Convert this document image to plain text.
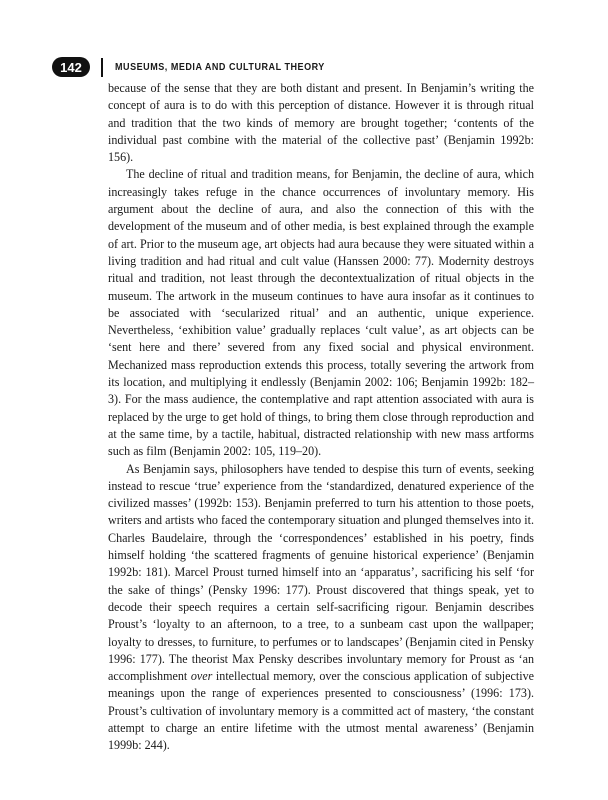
142	MUSEUMS, MEDIA AND CULTURAL THEORY

because of the sense that they are both distant and present. In Benjamin’s writing the concept of aura is to do with this perception of distance. However it is through ritual and tradition that the two kinds of memory are brought together; ‘contents of the individual past combine with the material of the collective past’ (Benjamin 1992b: 156).

The decline of ritual and tradition means, for Benjamin, the decline of aura, which increasingly takes refuge in the chance occurrences of involuntary memory. His argument about the decline of aura, and also the connection of this with the development of the museum and of other media, is best explained through the example of art. Prior to the museum age, art objects had aura because they were situated within a living tradition and had ritual and cult value (Hanssen 2000: 77). Modernity destroys ritual and tradition, not least through the decontextualization of ritual objects in the museum. The artwork in the museum continues to have aura insofar as it continues to be associated with ‘secularized ritual’ and an authentic, unique experience. Nevertheless, ‘exhibition value’ gradually replaces ‘cult value’, as art objects can be ‘sent here and there’ severed from any fixed social and physical environment. Mechanized mass reproduction extends this process, totally severing the artwork from its location, and multiplying it endlessly (Benjamin 2002: 106; Benjamin 1992b: 182–3). For the mass audience, the contemplative and rapt attention associated with aura is replaced by the urge to get hold of things, to bring them close through reproduction and at the same time, by a tactile, habitual, distracted relationship with new mass artforms such as film (Benjamin 2002: 105, 119–20).

As Benjamin says, philosophers have tended to despise this turn of events, seeking instead to rescue ‘true’ experience from the ‘standardized, denatured experience of the civilized masses’ (1992b: 153). Benjamin preferred to turn his attention to those poets, writers and artists who faced the contemporary situation and plunged themselves into it. Charles Baudelaire, through the ‘correspondences’ established in his poetry, finds himself holding ‘the scattered fragments of genuine historical experience’ (Benjamin 1992b: 181). Marcel Proust turned himself into an ‘apparatus’, sacrificing his self ‘for the sake of things’ (Pensky 1996: 177). Proust discovered that things speak, yet to decode their speech requires a certain self-sacrificing rigour. Benjamin describes Proust’s ‘loyalty to an afternoon, to a tree, to a sunbeam cast upon the wallpaper; loyalty to dresses, to furniture, to perfumes or to landscapes’ (Benjamin cited in Pensky 1996: 177). The theorist Max Pensky describes involuntary memory for Proust as ‘an accomplishment over intellectual memory, over the conscious application of subjective meanings upon the range of experiences presented to consciousness’ (1996: 173). Proust’s cultivation of involuntary memory is a committed act of mastery, ‘the constant attempt to charge an entire lifetime with the utmost mental awareness’ (Benjamin 1999b: 244).
